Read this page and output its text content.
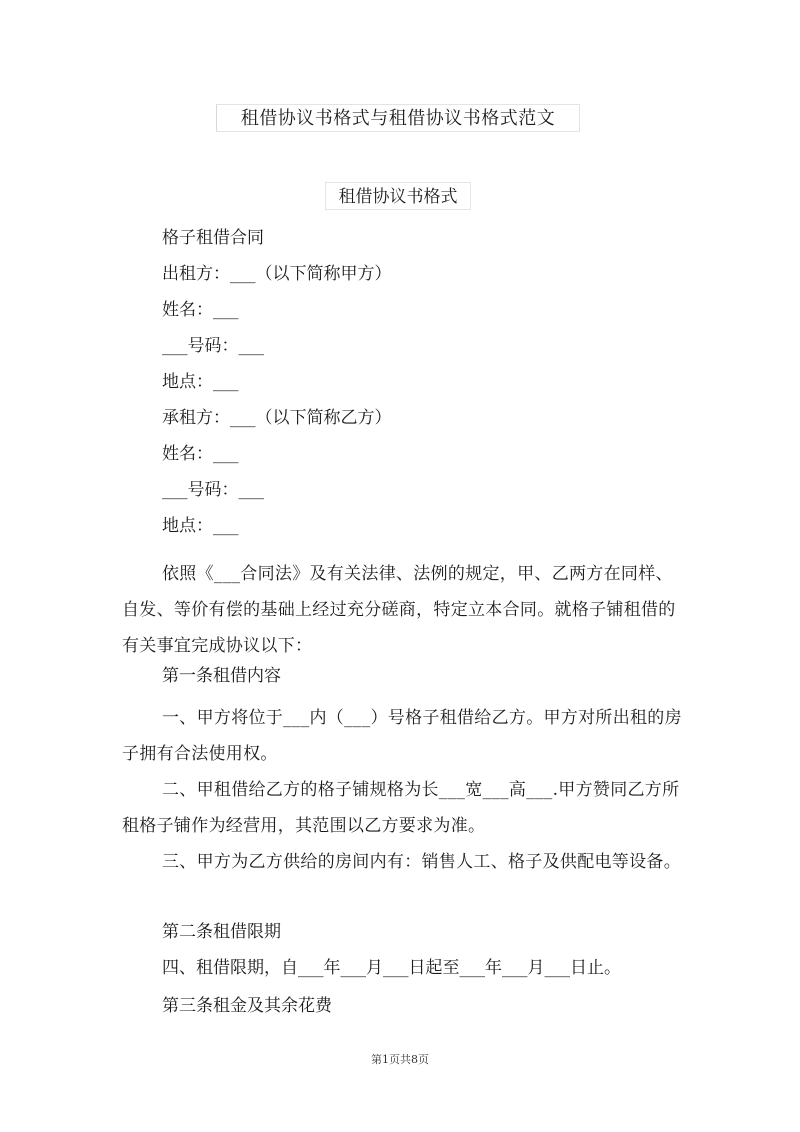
租借协议书格式与租借协议书格式范文
租借协议书格式
格子租借合同
出租方：___（以下简称甲方）
姓名：___
___号码：___
地点：___
承租方：___（以下简称乙方）
姓名：___
___号码：___
地点：___
依照《___合同法》及有关法律、法例的规定，甲、乙两方在同样、自发、等价有偿的基础上经过充分磋商，特定立本合同。就格子铺租借的有关事宜完成协议以下：
第一条租借内容
一、甲方将位于___内（___）号格子租借给乙方。甲方对所出租的房子拥有合法使用权。
二、甲租借给乙方的格子铺规格为长___宽___高___.甲方赞同乙方所租格子铺作为经营用，其范围以乙方要求为准。
三、甲方为乙方供给的房间内有：销售人工、格子及供配电等设备。
第二条租借限期
四、租借限期，自___年___月___日起至___年___月___日止。
第三条租金及其余花费
第1页共8页
